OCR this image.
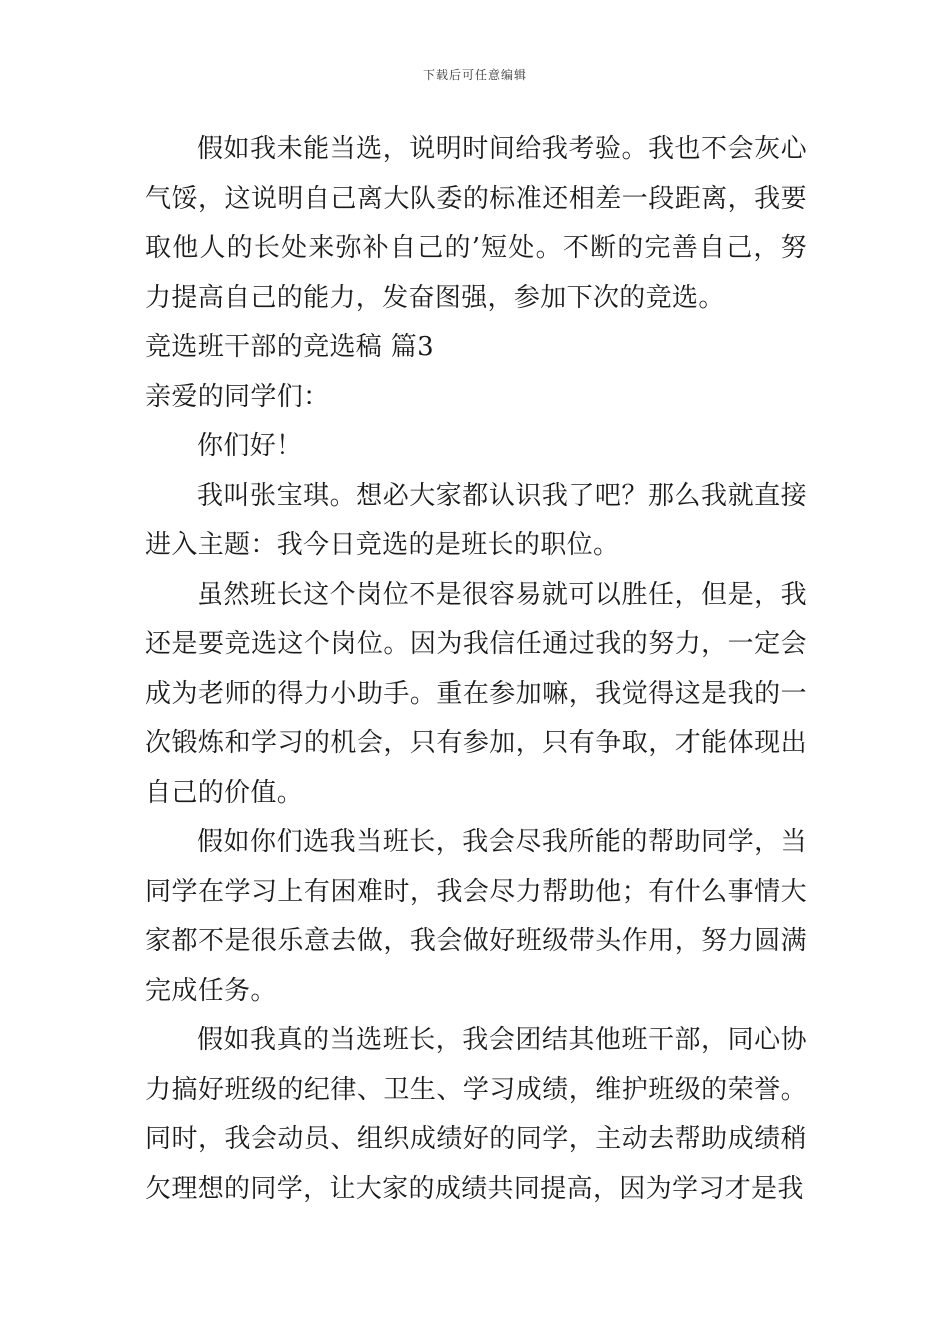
下载后可任意编辑

假如我未能当选，说明时间给我考验。我也不会灰心气馁，这说明自己离大队委的标准还相差一段距离，我要取他人的长处来弥补自己的’短处。不断的完善自己，努力提高自己的能力，发奋图强，参加下次的竞选。

竞选班干部的竞选稿 篇3

亲爱的同学们：

你们好！

我叫张宝琪。想必大家都认识我了吧？那么我就直接进入主题：我今日竞选的是班长的职位。

虽然班长这个岗位不是很容易就可以胜任，但是，我还是要竞选这个岗位。因为我信任通过我的努力，一定会成为老师的得力小助手。重在参加嘛，我觉得这是我的一次锻炼和学习的机会，只有参加，只有争取，才能体现出自己的价值。

假如你们选我当班长，我会尽我所能的帮助同学，当同学在学习上有困难时，我会尽力帮助他；有什么事情大家都不是很乐意去做，我会做好班级带头作用，努力圆满完成任务。

假如我真的当选班长，我会团结其他班干部，同心协力搞好班级的纪律、卫生、学习成绩，维护班级的荣誉。同时，我会动员、组织成绩好的同学，主动去帮助成绩稍欠理想的同学，让大家的成绩共同提高，因为学习才是我
